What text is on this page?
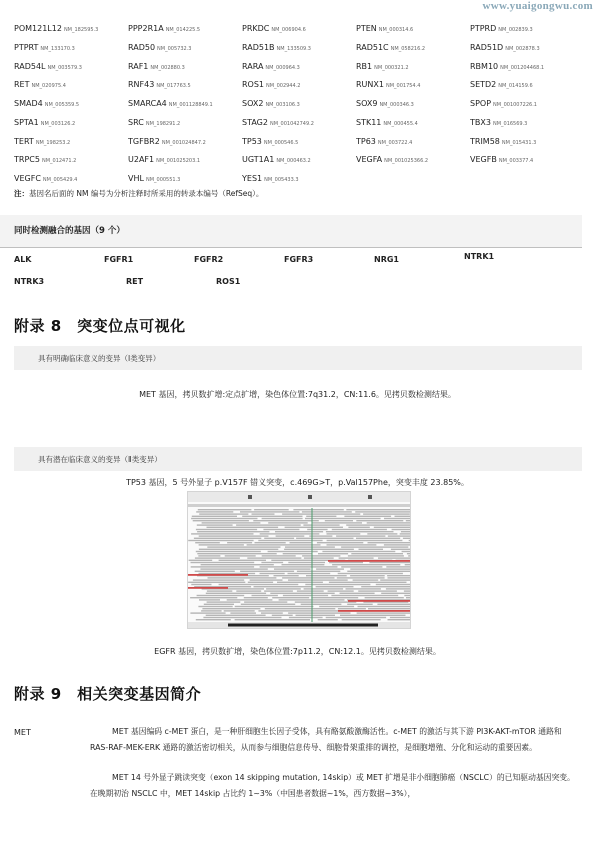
www.yuaigongwu.com
POM121L12 NM_182595.3	PPP2R1A NM_014225.5	PRKDC NM_006904.6	PTEN NM_000314.6	PTPRD NM_002839.3
PTPRT NM_133170.3	RAD50 NM_005732.3	RAD51B NM_133509.3	RAD51C NM_058216.2	RAD51D NM_002878.3
RAD54L NM_003579.3	RAF1 NM_002880.3	RARA NM_000964.3	RB1 NM_000321.2	RBM10 NM_001204468.1
RET NM_020975.4	RNF43 NM_017763.5	ROS1 NM_002944.2	RUNX1 NM_001754.4	SETD2 NM_014159.6
SMAD4 NM_005359.5	SMARCA4 NM_001128849.1	SOX2 NM_003106.3	SOX9 NM_000346.3	SPOP NM_001007226.1
SPTA1 NM_003126.2	SRC NM_198291.2	STAG2 NM_001042749.2	STK11 NM_000455.4	TBX3 NM_016569.3
TERT NM_198253.2	TGFBR2 NM_001024847.2	TP53 NM_000546.5	TP63 NM_003722.4	TRIM58 NM_015431.3
TRPC5 NM_012471.2	U2AF1 NM_001025203.1	UGT1A1 NM_000463.2	VEGFA NM_001025366.2	VEGFB NM_003377.4
VEGFC NM_005429.4	VHL NM_000551.3	YES1 NM_005433.3
注：基因名后面的 NM 编号为分析注释时所采用的转录本编号（RefSeq）。
同时检测融合的基因（9 个）
ALK	FGFR1	FGFR2	FGFR3	NRG1	NTRK1
NTRK3	RET	ROS1
附录 8　突变位点可视化
具有明确临床意义的变异（Ⅰ类变异）
MET 基因，拷贝数扩增:定点扩增，染色体位置:7q31.2，CN:11.6。见拷贝数检测结果。
具有潜在临床意义的变异（Ⅱ类变异）
TP53 基因，5 号外显子 p.V157F 错义突变，c.469G>T，p.Val157Phe，突变丰度 23.85%。
EGFR 基因，拷贝数扩增，染色体位置:7p11.2，CN:12.1。见拷贝数检测结果。
附录 9　相关突变基因简介
MET	MET 基因编码 c-MET 蛋白，是一种肝细胞生长因子受体，具有酪氨酸激酶活性。c-MET 的激活与其下游 PI3K-AKT-mTOR 通路和 RAS-RAF-MEK-ERK 通路的激活密切相关，从而参与细胞信息传导、细胞骨架重排的调控，是细胞增殖、分化和运动的重要因素。
MET 14 号外显子跳读突变（exon 14 skipping mutation, 14skip）或 MET 扩增是非小细胞肺癌（NSCLC）的已知驱动基因突变。在晚期初治 NSCLC 中，MET 14skip 占比约 1~3%（中国患者数据~1%，西方数据~3%），
